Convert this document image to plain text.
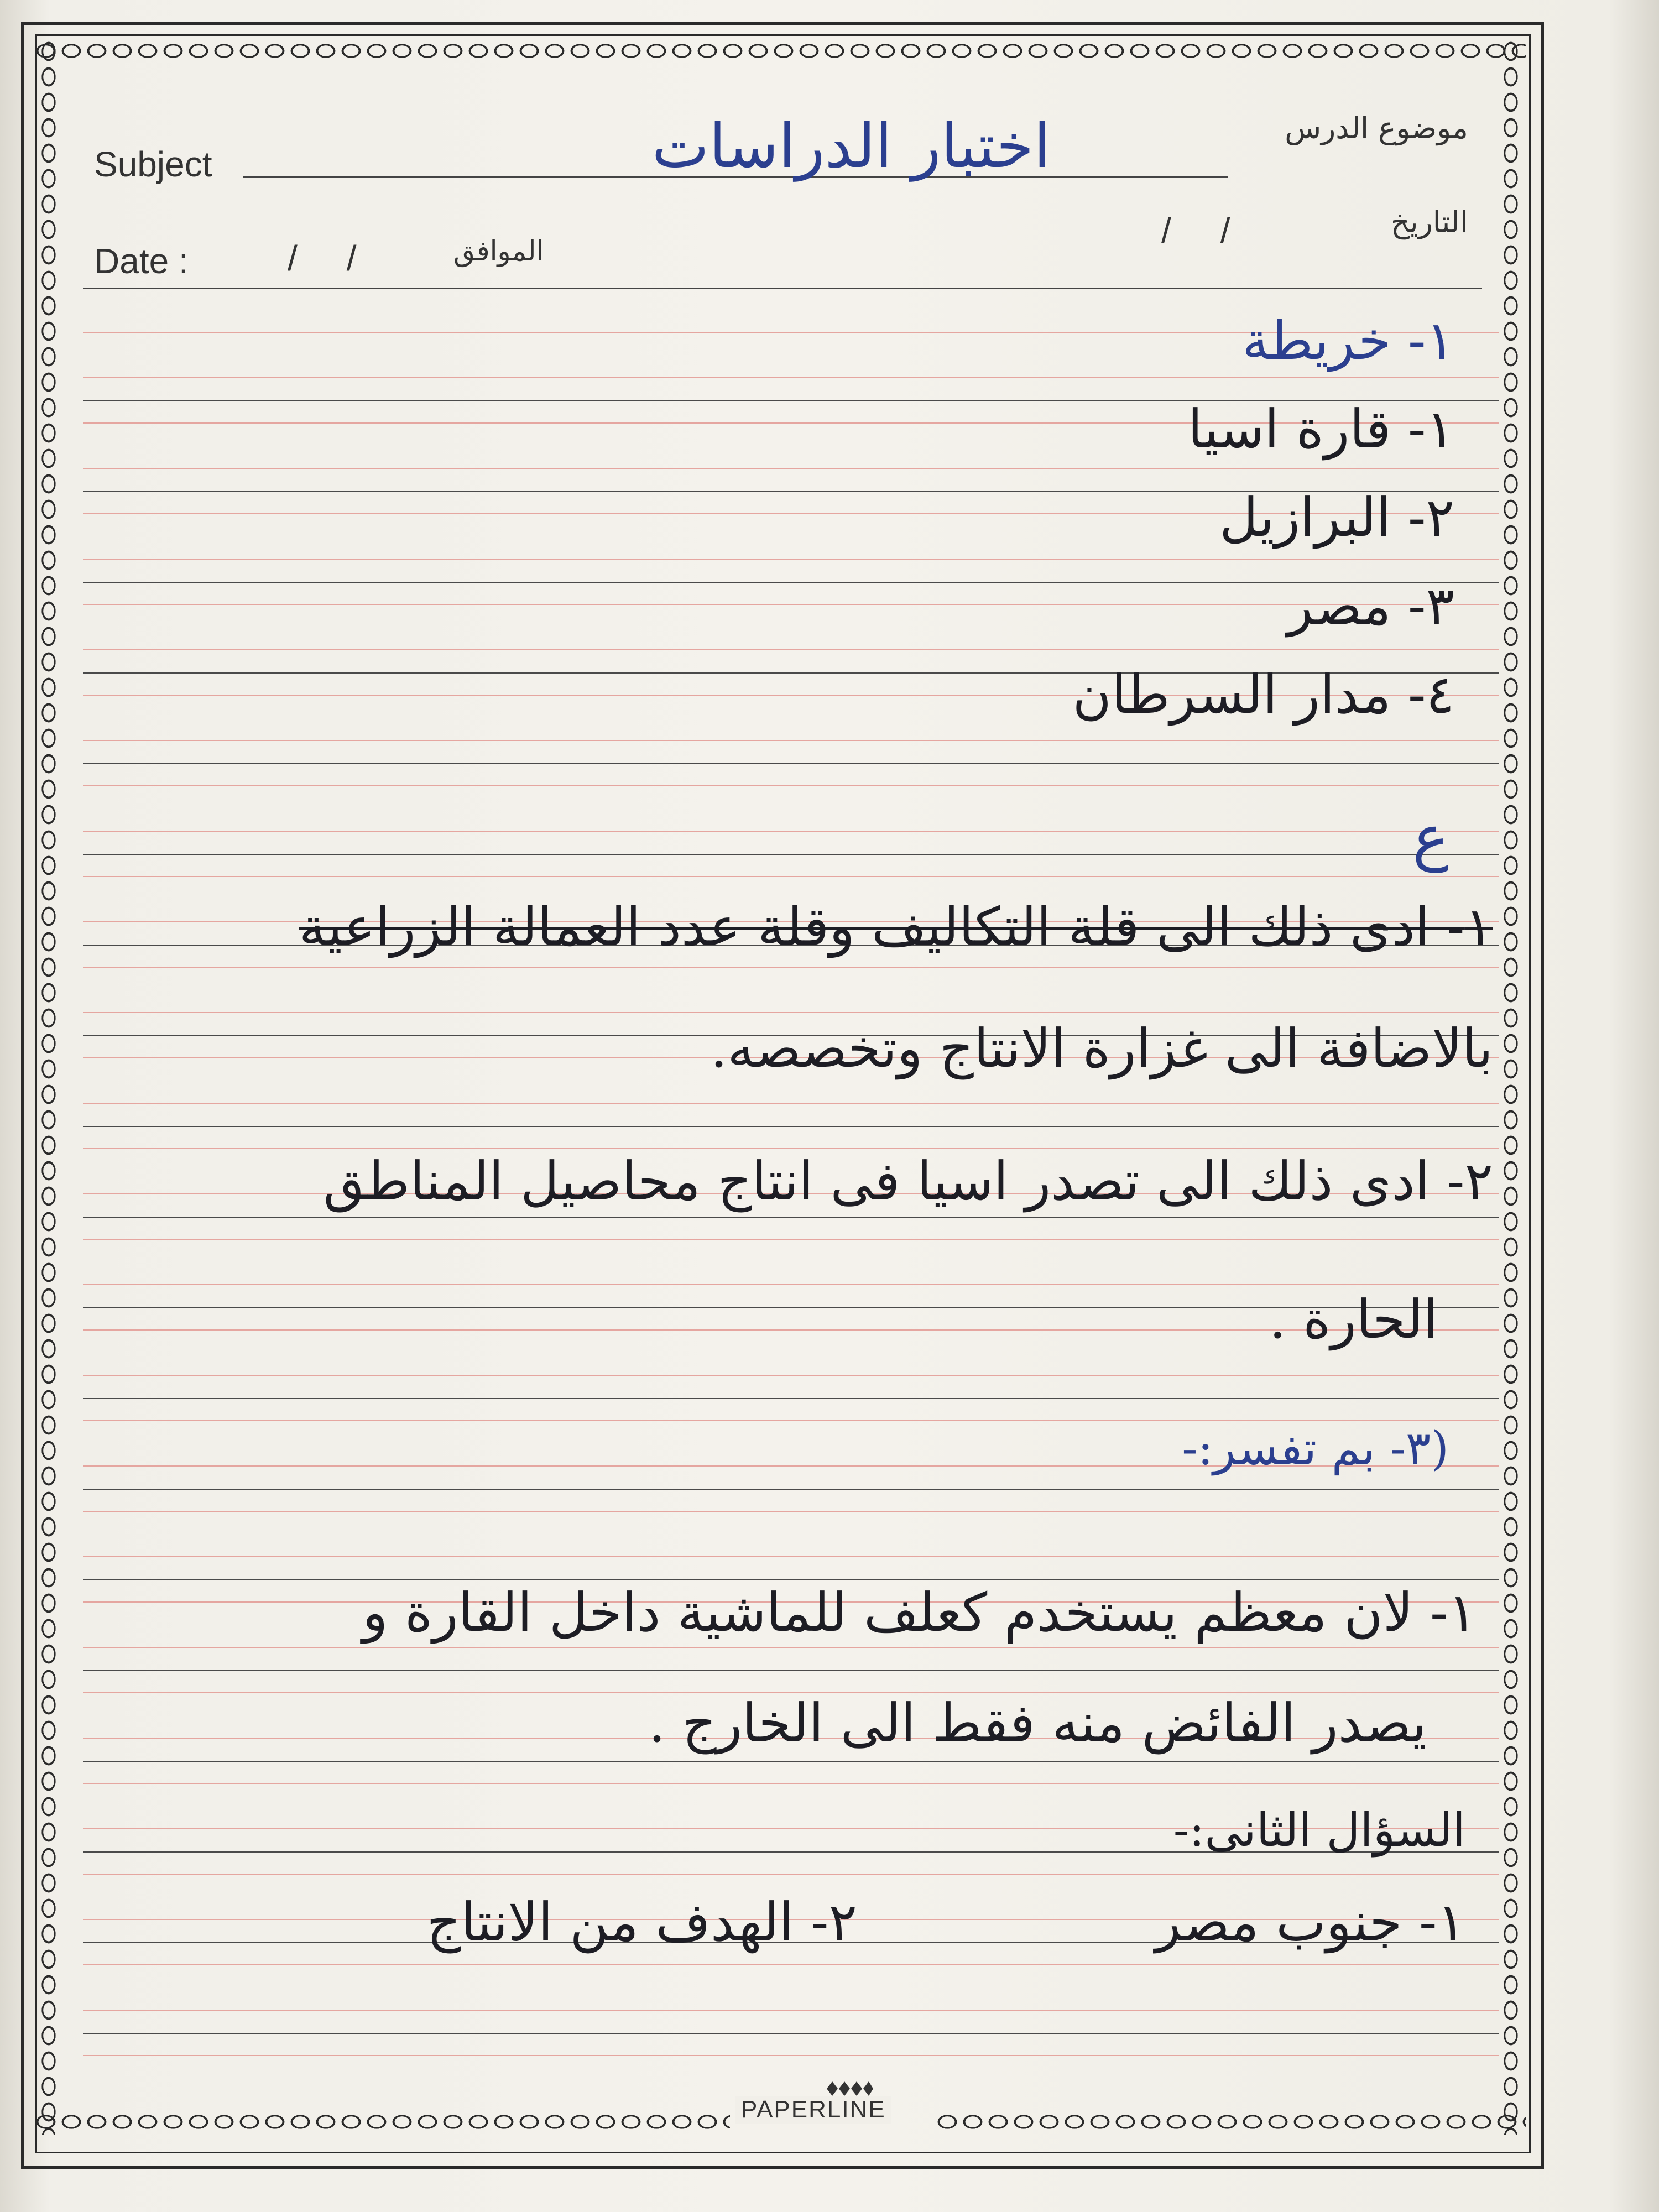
Subject
موضوع الدرس
اختبار الدراسات
Date :	/     /	الموافق
/     /	التاريخ
١- خريطة
١- قارة اسيا
٢- البرازيل
٣- مصر
٤- مدار السرطان
ع
١- ادى ذلك الى قلة التكاليف وقلة عدد العمالة الزراعية
بالاضافة الى غزارة الانتاج وتخصصه.
٢- ادى ذلك الى تصدر اسيا فى انتاج محاصيل المناطق
الحارة .
(٣- بم تفسر:-
١- لان معظم يستخدم كعلف للماشية داخل القارة و
يصدر الفائض منه فقط الى الخارج .
السؤال الثانى:-
١- جنوب مصر
٢- الهدف من الانتاج
PAPERLINE
